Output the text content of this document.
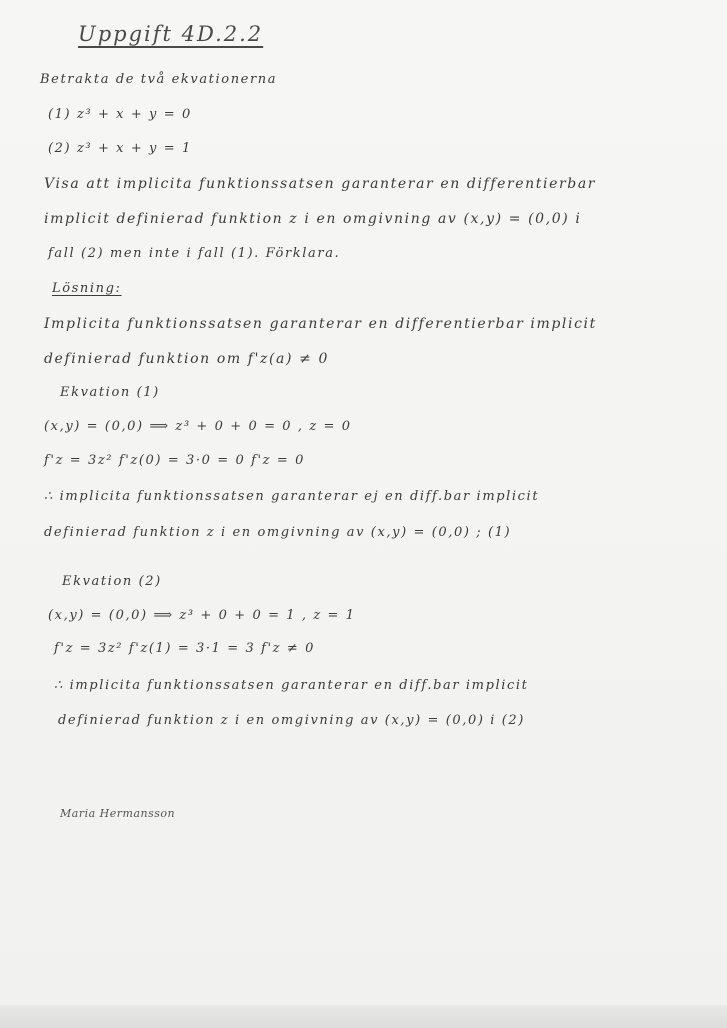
Uppgift 4D.2.2
Betrakta de två ekvationerna
(1) z³ + x + y = 0
(2) z³ + x + y = 1
Visa att implicita funktionssatsen garanterar en differentierbar
implicit definierad funktion z i en omgivning av (x,y) = (0,0) i
fall (2) men inte i fall (1). Förklara.
Lösning:
Implicita funktionssatsen garanterar en differentierbar implicit
definierad funktion om f'z(a) ≠ 0
Ekvation (1)
(x,y) = (0,0) ⟹ z³ + 0 + 0 = 0 , z = 0
f'z = 3z² f'z(0) = 3·0 = 0 f'z = 0
∴ implicita funktionssatsen garanterar ej en diff.bar implicit
definierad funktion z i en omgivning av (x,y) = (0,0) ; (1)
Ekvation (2)
(x,y) = (0,0) ⟹ z³ + 0 + 0 = 1 , z = 1
f'z = 3z² f'z(1) = 3·1 = 3 f'z ≠ 0
∴ implicita funktionssatsen garanterar en diff.bar implicit
definierad funktion z i en omgivning av (x,y) = (0,0) i (2)
Maria Hermansson
